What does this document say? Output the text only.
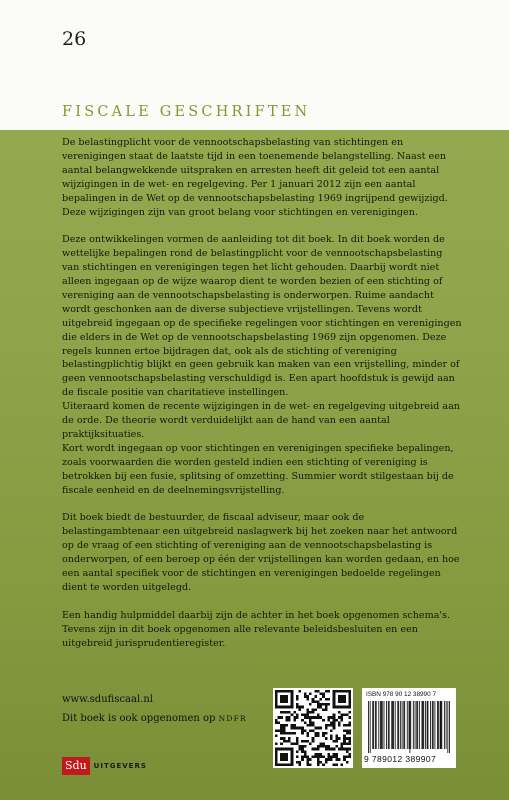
26
FISCALE GESCHRIFTEN

De belastingplicht voor de vennootschapsbelasting van stichtingen en verenigingen staat de laatste tijd in een toenemende belangstelling. Naast een aantal belangwekkende uitspraken en arresten heeft dit geleid tot een aantal wijzigingen in de wet- en regelgeving. Per 1 januari 2012 zijn een aantal bepalingen in de Wet op de vennootschapsbelasting 1969 ingrijpend gewijzigd. Deze wijzigingen zijn van groot belang voor stichtingen en verenigingen.

Deze ontwikkelingen vormen de aanleiding tot dit boek. In dit boek worden de wettelijke bepalingen rond de belastingplicht voor de vennootschapsbelasting van stichtingen en verenigingen tegen het licht gehouden. Daarbij wordt niet alleen ingegaan op de wijze waarop dient te worden bezien of een stichting of vereniging aan de vennootschapsbelasting is onderworpen. Ruime aandacht wordt geschonken aan de diverse subjectieve vrijstellingen. Tevens wordt uitgebreid ingegaan op de specifieke regelingen voor stichtingen en verenigingen die elders in de Wet op de vennootschapsbelasting 1969 zijn opgenomen. Deze regels kunnen ertoe bijdragen dat, ook als de stichting of vereniging belastingplichtig blijkt en geen gebruik kan maken van een vrijstelling, minder of geen vennootschapsbelasting verschuldigd is. Een apart hoofdstuk is gewijd aan de fiscale positie van charitatieve instellingen.
Uiteraard komen de recente wijzigingen in de wet- en regelgeving uitgebreid aan de orde. De theorie wordt verduidelijkt aan de hand van een aantal praktijksituaties.
Kort wordt ingegaan op voor stichtingen en verenigingen specifieke bepalingen, zoals voorwaarden die worden gesteld indien een stichting of vereniging is betrokken bij een fusie, splitsing of omzetting. Summier wordt stilgestaan bij de fiscale eenheid en de deelnemingsvrijstelling.

Dit boek biedt de bestuurder, de fiscaal adviseur, maar ook de belastingambtenaar een uitgebreid naslagwerk bij het zoeken naar het antwoord op de vraag of een stichting of vereniging aan de vennootschapsbelasting is onderworpen, of een beroep op één der vrijstellingen kan worden gedaan, en hoe een aantal specifiek voor de stichtingen en verenigingen bedoelde regelingen dient te worden uitgelegd.

Een handig hulpmiddel daarbij zijn de achter in het boek opgenomen schema's. Tevens zijn in dit boek opgenomen alle relevante beleidsbesluiten en een uitgebreid jurisprudentieregister.

www.sdufiscaal.nl
Dit boek is ook opgenomen op NDFR
Sdu	UITGEVERS
ISBN 978 90 12 38990 7
9 789012 389907
